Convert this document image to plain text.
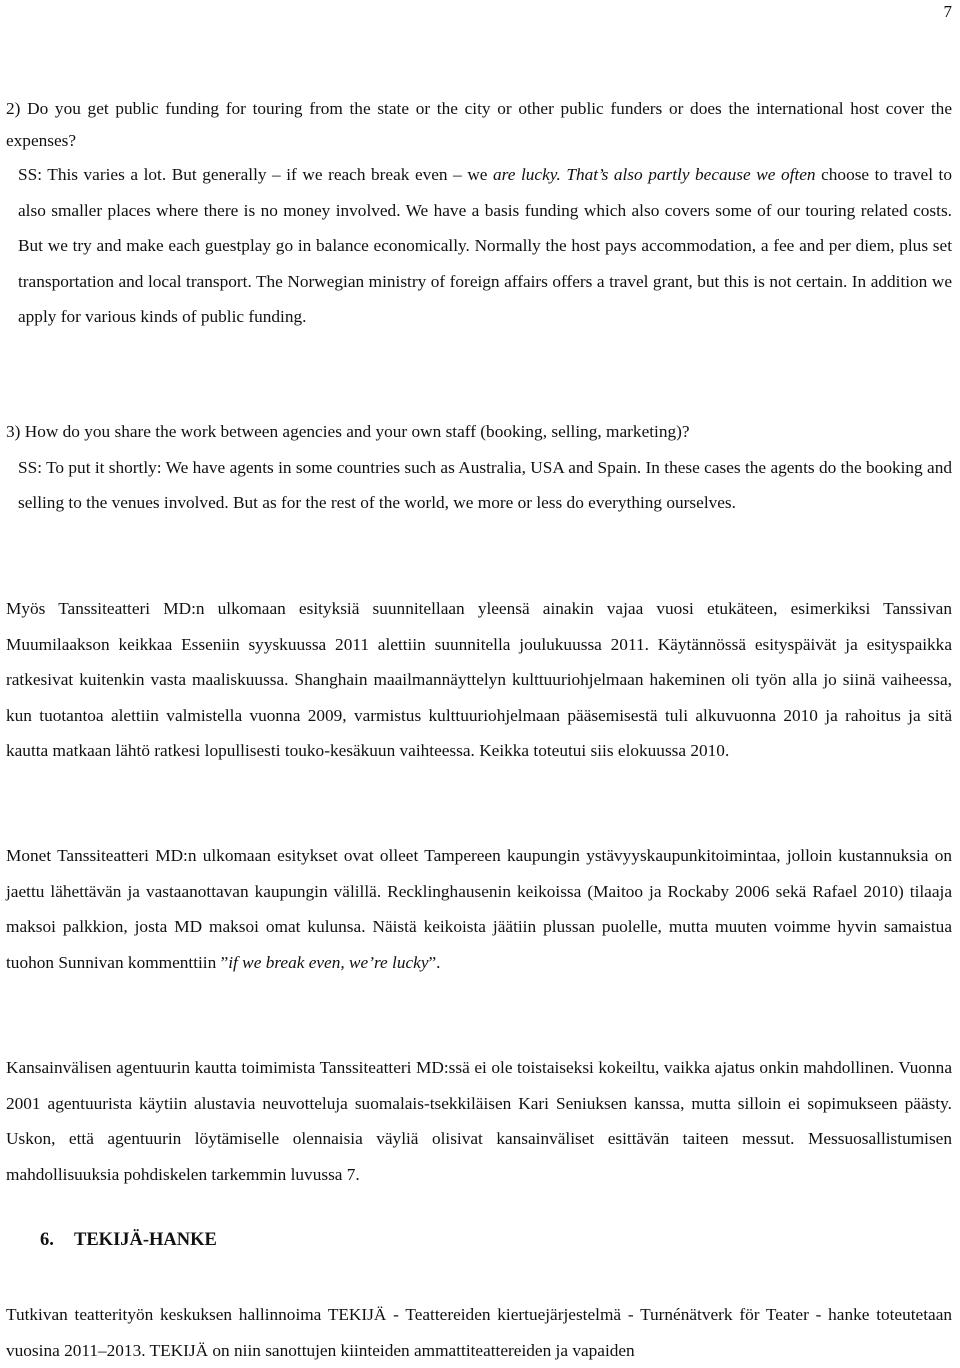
7

2) Do you get public funding for touring from the state or the city or other public funders or does the international host cover the expenses?

SS: This varies a lot. But generally – if we reach break even – we are lucky. That’s also partly because we often choose to travel to also smaller places where there is no money involved. We have a basis funding which also covers some of our touring related costs. But we try and make each guestplay go in balance economically. Normally the host pays accommodation, a fee and per diem, plus set transportation and local transport. The Norwegian ministry of foreign affairs offers a travel grant, but this is not certain. In addition we apply for various kinds of public funding.

3) How do you share the work between agencies and your own staff (booking, selling, marketing)?

SS: To put it shortly: We have agents in some countries such as Australia, USA and Spain. In these cases the agents do the booking and selling to the venues involved. But as for the rest of the world, we more or less do everything ourselves.

Myös Tanssiteatteri MD:n ulkomaan esityksiä suunnitellaan yleensä ainakin vajaa vuosi etukäteen, esimerkiksi Tanssivan Muumilaakson keikkaa Esseniin syyskuussa 2011 alettiin suunnitella joulukuussa 2011. Käytännössä esityspäivät ja esityspaikka ratkesivat kuitenkin vasta maaliskuussa. Shanghain maailmannäyttelyn kulttuuriohjelmaan hakeminen oli työn alla jo siinä vaiheessa, kun tuotantoa alettiin valmistella vuonna 2009, varmistus kulttuuriohjelmaan pääsemisestä tuli alkuvuonna 2010 ja rahoitus ja sitä kautta matkaan lähtö ratkesi lopullisesti touko-kesäkuun vaihteessa. Keikka toteutui siis elokuussa 2010.

Monet Tanssiteatteri MD:n ulkomaan esitykset ovat olleet Tampereen kaupungin ystävyyskaupunkitoimintaa, jolloin kustannuksia on jaettu lähettävän ja vastaanottavan kaupungin välillä. Recklinghausenin keikoissa (Maitoo ja Rockaby 2006 sekä Rafael 2010) tilaaja maksoi palkkion, josta MD maksoi omat kulunsa. Näistä keikoista jäätiin plussan puolelle, mutta muuten voimme hyvin samaistua tuohon Sunnivan kommenttiin ”if we break even, we’re lucky”.

Kansainvälisen agentuurin kautta toimimista Tanssiteatteri MD:ssä ei ole toistaiseksi kokeiltu, vaikka ajatus onkin mahdollinen. Vuonna 2001 agentuurista käytiin alustavia neuvotteluja suomalais-tsekkiläisen Kari Seniuksen kanssa, mutta silloin ei sopimukseen päästy. Uskon, että agentuurin löytämiselle olennaisia väyliä olisivat kansainväliset esittävän taiteen messut. Messuosallistumisen mahdollisuuksia pohdiskelen tarkemmin luvussa 7.

6. TEKIJÄ-HANKE

Tutkivan teatterityön keskuksen hallinnoima TEKIJÄ - Teattereiden kiertuejärjestelmä - Turnénätverk för Teater - hanke toteutetaan vuosina 2011–2013. TEKIJÄ on niin sanottujen kiinteiden ammattiteattereiden ja vapaiden
